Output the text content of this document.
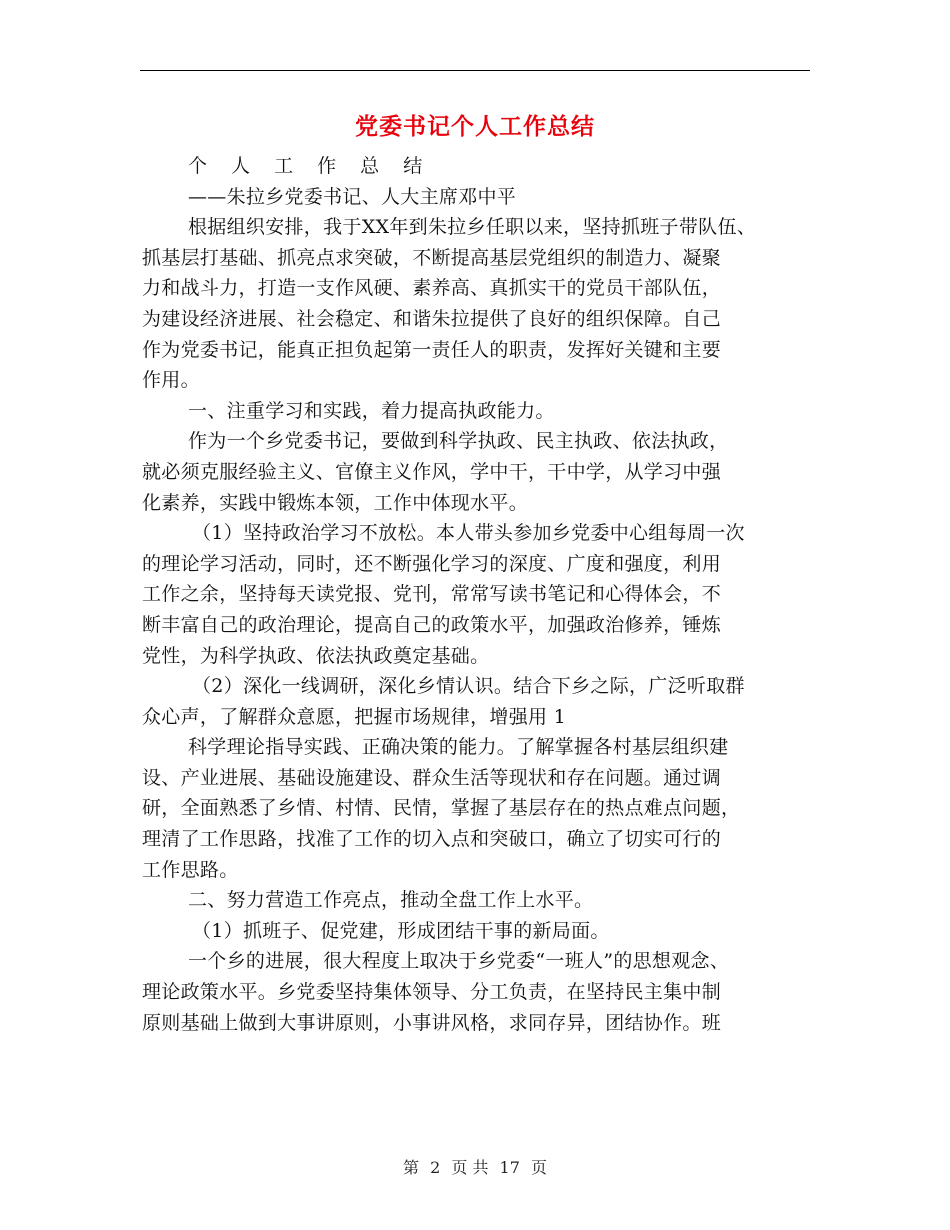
党委书记个人工作总结
个 人 工 作 总 结
——朱拉乡党委书记、人大主席邓中平
根据组织安排，我于XX年到朱拉乡任职以来，坚持抓班子带队伍、
抓基层打基础、抓亮点求突破，不断提高基层党组织的制造力、凝聚
力和战斗力，打造一支作风硬、素养高、真抓实干的党员干部队伍，
为建设经济进展、社会稳定、和谐朱拉提供了良好的组织保障。自己
作为党委书记，能真正担负起第一责任人的职责，发挥好关键和主要
作用。
一、注重学习和实践，着力提高执政能力。
作为一个乡党委书记，要做到科学执政、民主执政、依法执政，
就必须克服经验主义、官僚主义作风，学中干，干中学，从学习中强
化素养，实践中锻炼本领，工作中体现水平。
（1）坚持政治学习不放松。本人带头参加乡党委中心组每周一次
的理论学习活动，同时，还不断强化学习的深度、广度和强度，利用
工作之余，坚持每天读党报、党刊，常常写读书笔记和心得体会，不
断丰富自己的政治理论，提高自己的政策水平，加强政治修养，锤炼
党性，为科学执政、依法执政奠定基础。
（2）深化一线调研，深化乡情认识。结合下乡之际，广泛听取群
众心声，了解群众意愿，把握市场规律，增强用 1
科学理论指导实践、正确决策的能力。了解掌握各村基层组织建
设、产业进展、基础设施建设、群众生活等现状和存在问题。通过调
研，全面熟悉了乡情、村情、民情，掌握了基层存在的热点难点问题，
理清了工作思路，找准了工作的切入点和突破口，确立了切实可行的
工作思路。
二、努力营造工作亮点，推动全盘工作上水平。
（1）抓班子、促党建，形成团结干事的新局面。
一个乡的进展，很大程度上取决于乡党委“一班人”的思想观念、
理论政策水平。乡党委坚持集体领导、分工负责，在坚持民主集中制
原则基础上做到大事讲原则，小事讲风格，求同存异，团结协作。班
第 2 页 共 17 页
